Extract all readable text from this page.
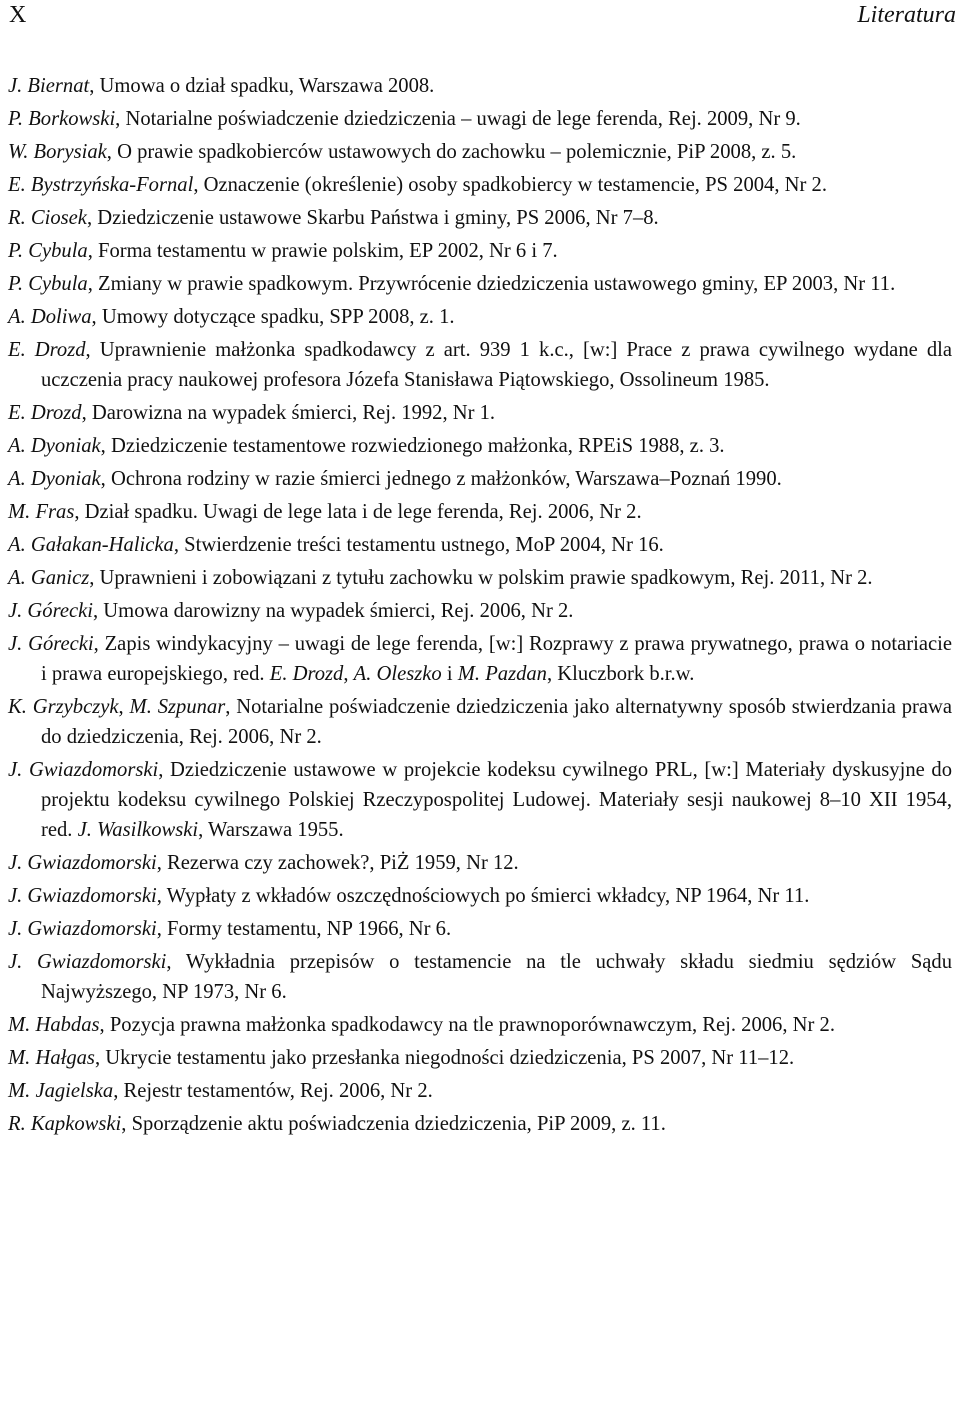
X	Literatura

J. Biernat, Umowa o dział spadku, Warszawa 2008.

P. Borkowski, Notarialne poświadczenie dziedziczenia – uwagi de lege ferenda, Rej. 2009, Nr 9.

W. Borysiak, O prawie spadkobierców ustawowych do zachowku – polemicznie, PiP 2008, z. 5.

E. Bystrzyńska-Fornal, Oznaczenie (określenie) osoby spadkobiercy w testamencie, PS 2004, Nr 2.

R. Ciosek, Dziedziczenie ustawowe Skarbu Państwa i gminy, PS 2006, Nr 7–8.

P. Cybula, Forma testamentu w prawie polskim, EP 2002, Nr 6 i 7.

P. Cybula, Zmiany w prawie spadkowym. Przywrócenie dziedziczenia ustawowego gminy, EP 2003, Nr 11.

A. Doliwa, Umowy dotyczące spadku, SPP 2008, z. 1.

E. Drozd, Uprawnienie małżonka spadkodawcy z art. 939 1 k.c., [w:] Prace z prawa cywilnego wydane dla uczczenia pracy naukowej profesora Józefa Stanisława Piątowskiego, Ossolineum 1985.

E. Drozd, Darowizna na wypadek śmierci, Rej. 1992, Nr 1.

A. Dyoniak, Dziedziczenie testamentowe rozwiedzionego małżonka, RPEiS 1988, z. 3.

A. Dyoniak, Ochrona rodziny w razie śmierci jednego z małżonków, Warszawa–Poznań 1990.

M. Fras, Dział spadku. Uwagi de lege lata i de lege ferenda, Rej. 2006, Nr 2.

A. Gałakan-Halicka, Stwierdzenie treści testamentu ustnego, MoP 2004, Nr 16.

A. Ganicz, Uprawnieni i zobowiązani z tytułu zachowku w polskim prawie spadkowym, Rej. 2011, Nr 2.

J. Górecki, Umowa darowizny na wypadek śmierci, Rej. 2006, Nr 2.

J. Górecki, Zapis windykacyjny – uwagi de lege ferenda, [w:] Rozprawy z prawa prywatnego, prawa o notariacie i prawa europejskiego, red. E. Drozd, A. Oleszko i M. Pazdan, Kluczbork b.r.w.

K. Grzybczyk, M. Szpunar, Notarialne poświadczenie dziedziczenia jako alternatywny sposób stwierdzania prawa do dziedziczenia, Rej. 2006, Nr 2.

J. Gwiazdomorski, Dziedziczenie ustawowe w projekcie kodeksu cywilnego PRL, [w:] Materiały dyskusyjne do projektu kodeksu cywilnego Polskiej Rzeczypospolitej Ludowej. Materiały sesji naukowej 8–10 XII 1954, red. J. Wasilkowski, Warszawa 1955.

J. Gwiazdomorski, Rezerwa czy zachowek?, PiŻ 1959, Nr 12.

J. Gwiazdomorski, Wypłaty z wkładów oszczędnościowych po śmierci wkładcy, NP 1964, Nr 11.

J. Gwiazdomorski, Formy testamentu, NP 1966, Nr 6.

J. Gwiazdomorski, Wykładnia przepisów o testamencie na tle uchwały składu siedmiu sędziów Sądu Najwyższego, NP 1973, Nr 6.

M. Habdas, Pozycja prawna małżonka spadkodawcy na tle prawnoporównawczym, Rej. 2006, Nr 2.

M. Hałgas, Ukrycie testamentu jako przesłanka niegodności dziedziczenia, PS 2007, Nr 11–12.

M. Jagielska, Rejestr testamentów, Rej. 2006, Nr 2.

R. Kapkowski, Sporządzenie aktu poświadczenia dziedziczenia, PiP 2009, z. 11.
